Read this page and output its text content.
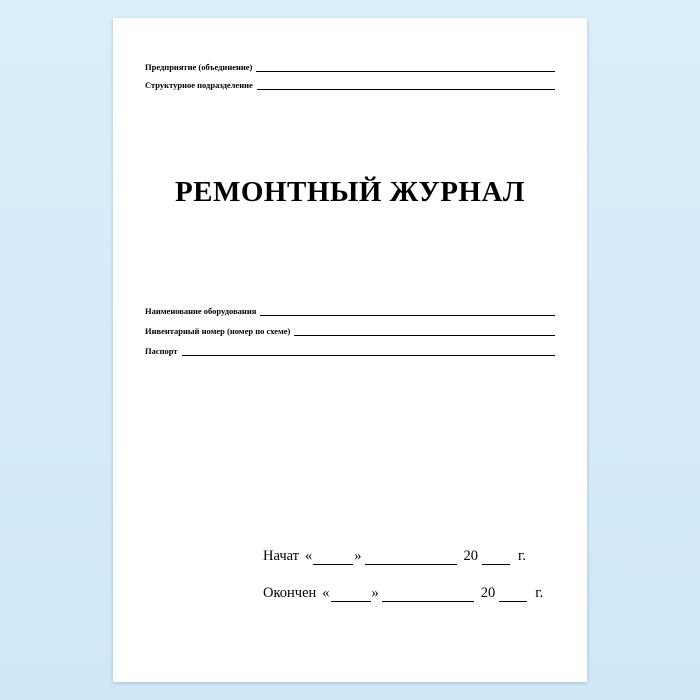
Предприятие (объединение)
Структурное подразделение
РЕМОНТНЫЙ ЖУРНАЛ
Наименование оборудования
Инвентарный номер (номер по схеме)
Паспорт
Начат «	»	20	г.
Окончен «	»	20	г.
